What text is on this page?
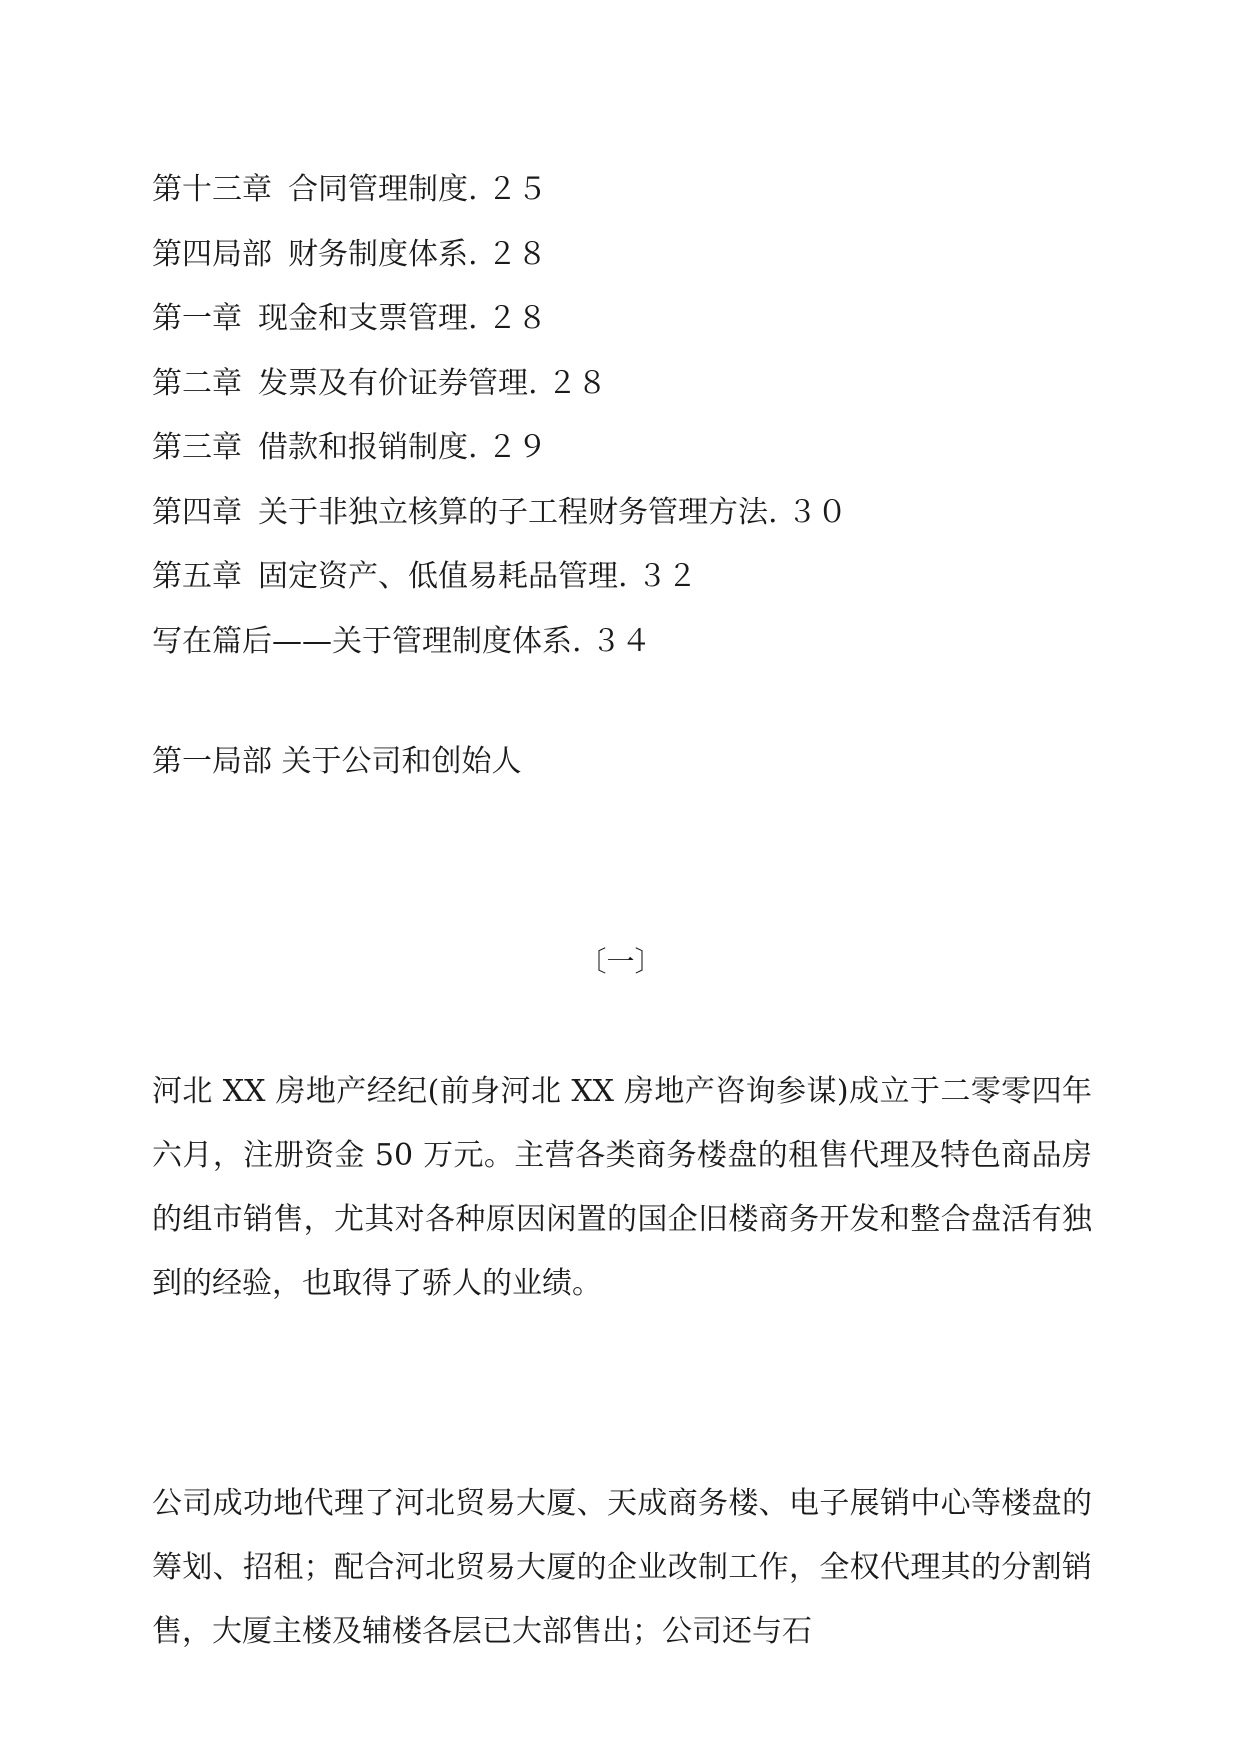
第十三章 合同管理制度. ２５
第四局部 财务制度体系. ２８
第一章 现金和支票管理. ２８
第二章 发票及有价证券管理. ２８
第三章 借款和报销制度. ２９
第四章 关于非独立核算的子工程财务管理方法. ３０
第五章 固定资产、低值易耗品管理. ３２
写在篇后——关于管理制度体系. ３４
第一局部 关于公司和创始人
〔一〕

河北 XX 房地产经纪(前身河北 XX 房地产咨询参谋)成立于二零零四年六月，注册资金 50 万元。主营各类商务楼盘的租售代理及特色商品房的组市销售，尤其对各种原因闲置的国企旧楼商务开发和整合盘活有独到的经验，也取得了骄人的业绩。

公司成功地代理了河北贸易大厦、天成商务楼、电子展销中心等楼盘的筹划、招租；配合河北贸易大厦的企业改制工作，全权代理其的分割销售，大厦主楼及辅楼各层已大部售出；公司还与石
